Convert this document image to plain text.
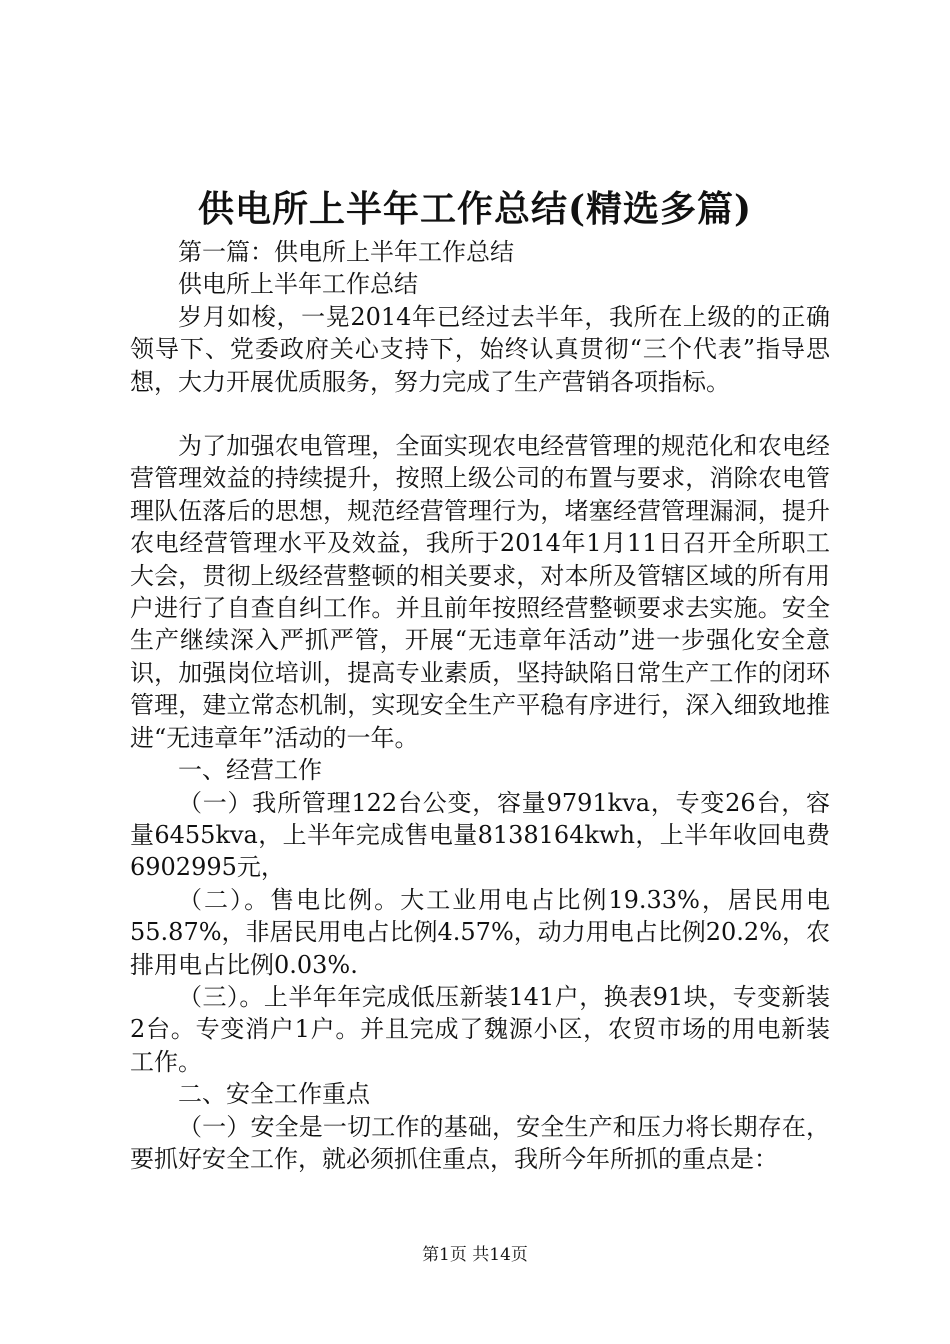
供电所上半年工作总结(精选多篇)

第一篇：供电所上半年工作总结

供电所上半年工作总结

岁月如梭，一晃2014年已经过去半年，我所在上级的的正确领导下、党委政府关心支持下，始终认真贯彻“三个代表”指导思想，大力开展优质服务，努力完成了生产营销各项指标。

为了加强农电管理，全面实现农电经营管理的规范化和农电经营管理效益的持续提升，按照上级公司的布置与要求，消除农电管理队伍落后的思想，规范经营管理行为，堵塞经营管理漏洞，提升农电经营管理水平及效益，我所于2014年1月11日召开全所职工大会，贯彻上级经营整顿的相关要求，对本所及管辖区域的所有用户进行了自查自纠工作。并且前年按照经营整顿要求去实施。安全生产继续深入严抓严管，开展“无违章年活动”进一步强化安全意识，加强岗位培训，提高专业素质，坚持缺陷日常生产工作的闭环管理，建立常态机制，实现安全生产平稳有序进行，深入细致地推进“无违章年”活动的一年。

一、经营工作

（一）我所管理122台公变，容量9791kva，专变26台，容量6455kva，上半年完成售电量8138164kwh，上半年收回电费6902995元，

（二）。售电比例。大工业用电占比例19.33%，居民用电55.87%，非居民用电占比例4.57%，动力用电占比例20.2%，农排用电占比例0.03%.

（三）。上半年年完成低压新装141户，换表91块，专变新装2台。专变消户1户。并且完成了魏源小区，农贸市场的用电新装工作。

二、安全工作重点

（一）安全是一切工作的基础，安全生产和压力将长期存在，要抓好安全工作，就必须抓住重点，我所今年所抓的重点是：

第1页 共14页
